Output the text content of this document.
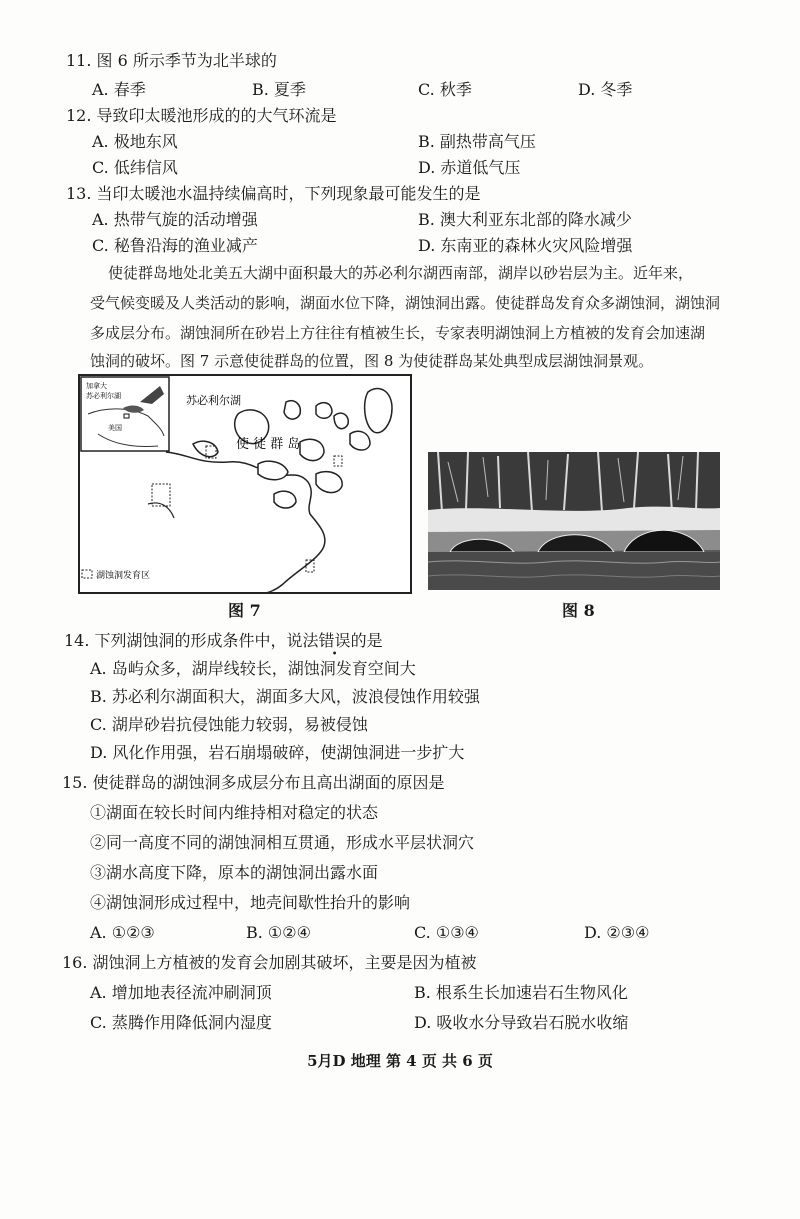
11. 图 6 所示季节为北半球的
A. 春季	B. 夏季	C. 秋季	D. 冬季
12. 导致印太暖池形成的的大气环流是
A. 极地东风	B. 副热带高气压
C. 低纬信风	D. 赤道低气压
13. 当印太暖池水温持续偏高时，下列现象最可能发生的是
A. 热带气旋的活动增强	B. 澳大利亚东北部的降水减少
C. 秘鲁沿海的渔业减产	D. 东南亚的森林火灾风险增强
使徒群岛地处北美五大湖中面积最大的苏必利尔湖西南部，湖岸以砂岩层为主。近年来，
受气候变暖及人类活动的影响，湖面水位下降，湖蚀洞出露。使徒群岛发育众多湖蚀洞，湖蚀洞
多成层分布。湖蚀洞所在砂岩上方往往有植被生长，专家表明湖蚀洞上方植被的发育会加速湖
蚀洞的破坏。图 7 示意使徒群岛的位置，图 8 为使徒群岛某处典型成层湖蚀洞景观。
加拿大
苏必利尔湖
美国
苏必利尔湖
使 徒 群 岛
湖蚀洞发育区
图 7	图 8
14. 下列湖蚀洞的形成条件中，说法错误的是
A. 岛屿众多，湖岸线较长，湖蚀洞发育空间大
B. 苏必利尔湖面积大，湖面多大风，波浪侵蚀作用较强
C. 湖岸砂岩抗侵蚀能力较弱，易被侵蚀
D. 风化作用强，岩石崩塌破碎，使湖蚀洞进一步扩大
15. 使徒群岛的湖蚀洞多成层分布且高出湖面的原因是
①湖面在较长时间内维持相对稳定的状态
②同一高度不同的湖蚀洞相互贯通，形成水平层状洞穴
③湖水高度下降，原本的湖蚀洞出露水面
④湖蚀洞形成过程中，地壳间歇性抬升的影响
A. ①②③	B. ①②④	C. ①③④	D. ②③④
16. 湖蚀洞上方植被的发育会加剧其破坏，主要是因为植被
A. 增加地表径流冲刷洞顶	B. 根系生长加速岩石生物风化
C. 蒸腾作用降低洞内湿度	D. 吸收水分导致岩石脱水收缩
5月D 地理 第 4 页 共 6 页
